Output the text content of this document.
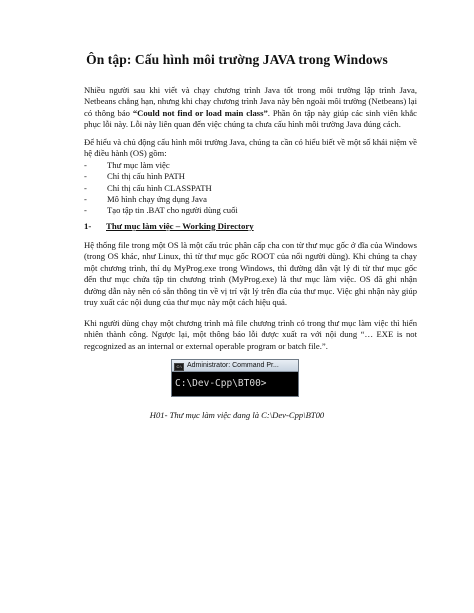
Ôn tập: Cấu hình môi trường JAVA trong Windows
Nhiều người sau khi viết và chạy chương trình Java tốt trong môi trường lập trình Java, Netbeans chẳng hạn, nhưng khi chạy chương trình Java này bên ngoài môi trường (Netbeans) lại có thông báo “Could not find or load main class”. Phần ôn tập này giúp các sinh viên khắc phục lỗi này. Lỗi này liên quan đến việc chúng ta chưa cấu hình môi trường Java đúng cách.
Để hiểu và chủ động cấu hình môi trường Java, chúng ta cần có hiểu biết về một số khái niệm về hệ điều hành (OS) gồm:
- Thư mục làm việc
- Chỉ thị cấu hình PATH
- Chỉ thị cấu hình CLASSPATH
- Mô hình chạy ứng dụng Java
- Tạo tập tin .BAT cho người dùng cuối
1- Thư mục làm việc – Working Directory
Hệ thống file trong một OS là một cấu trúc phân cấp cha con từ thư mục gốc ở đĩa của Windows (trong OS khác, như Linux, thì từ thư mục gốc ROOT của nổi người dùng). Khi chúng ta chạy một chương trình, thí dụ MyProg.exe trong Windows, thì đường dẫn vật lý đi từ thư mục gốc đến thư mục chứa tập tin chương trình (MyProg.exe) là thư mục làm việc. OS đã ghi nhận đường dẫn này nên có sẵn thông tin về vị trí vật lý trên đĩa của thư mục. Việc ghi nhận này giúp truy xuất các nội dung của thư mục này một cách hiệu quả.
Khi người dùng chạy một chương trình mà file chương trình có trong thư mục làm việc thì hiển nhiên thành công. Ngược lại, một thông báo lỗi được xuất ra với nội dung “… EXE is not regcognized as an internal or external operable program or batch file.”.
C:\ Administrator: Command Pr...
C:\Dev-Cpp\BT00>
H01- Thư mục làm việc đang là C:\Dev-Cpp\BT00
